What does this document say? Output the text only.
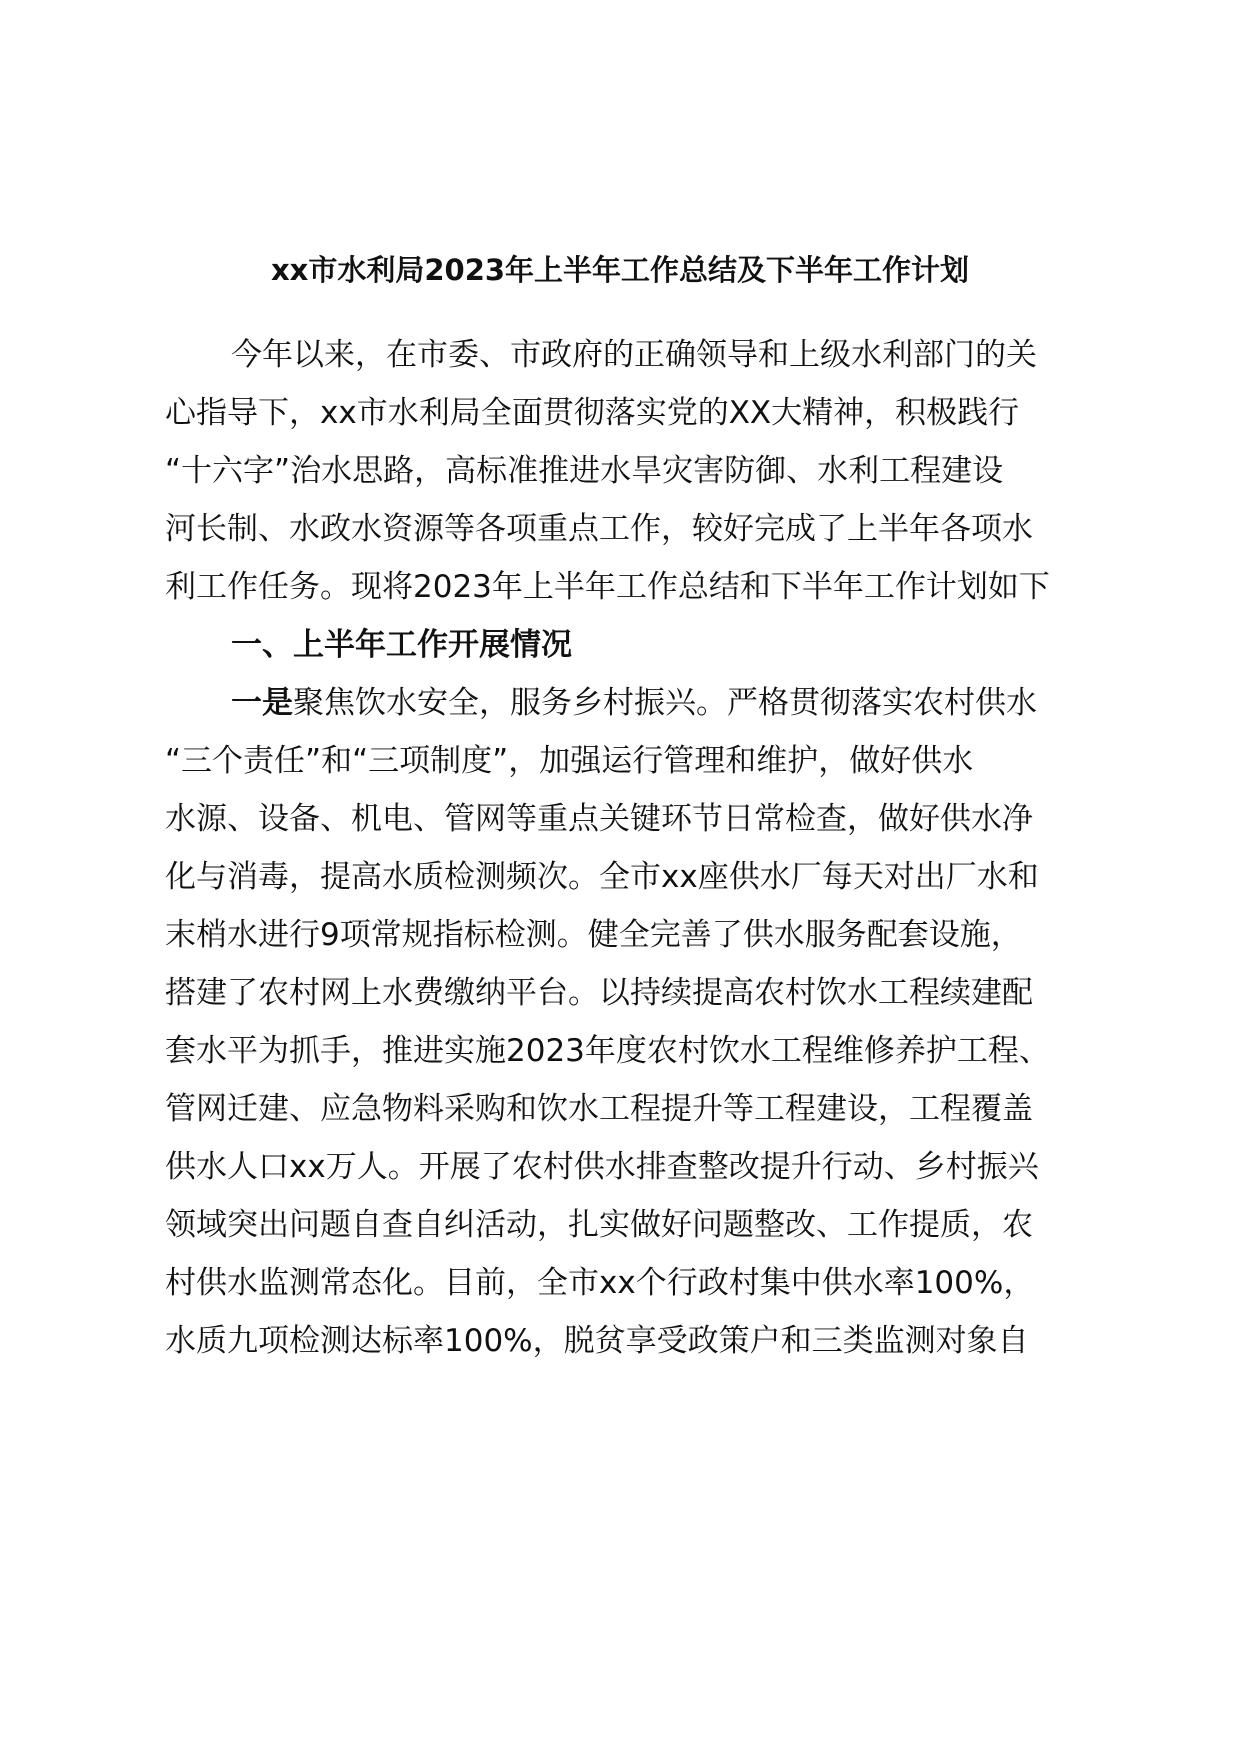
xx市水利局2023年上半年工作总结及下半年工作计划
今年以来，在市委、市政府的正确领导和上级水利部门的关
心指导下，xx市水利局全面贯彻落实党的XX大精神，积极践行
“十六字”治水思路，高标准推进水旱灾害防御、水利工程建设
河长制、水政水资源等各项重点工作，较好完成了上半年各项水
利工作任务。现将2023年上半年工作总结和下半年工作计划如下
一、上半年工作开展情况
一是聚焦饮水安全，服务乡村振兴。严格贯彻落实农村供水
“三个责任”和“三项制度”，加强运行管理和维护，做好供水
水源、设备、机电、管网等重点关键环节日常检查，做好供水净
化与消毒，提高水质检测频次。全市xx座供水厂每天对出厂水和
末梢水进行9项常规指标检测。健全完善了供水服务配套设施，
搭建了农村网上水费缴纳平台。以持续提高农村饮水工程续建配
套水平为抓手，推进实施2023年度农村饮水工程维修养护工程、
管网迁建、应急物料采购和饮水工程提升等工程建设，工程覆盖
供水人口xx万人。开展了农村供水排查整改提升行动、乡村振兴
领域突出问题自查自纠活动，扎实做好问题整改、工作提质，农
村供水监测常态化。目前，全市xx个行政村集中供水率100%，
水质九项检测达标率100%，脱贫享受政策户和三类监测对象自
